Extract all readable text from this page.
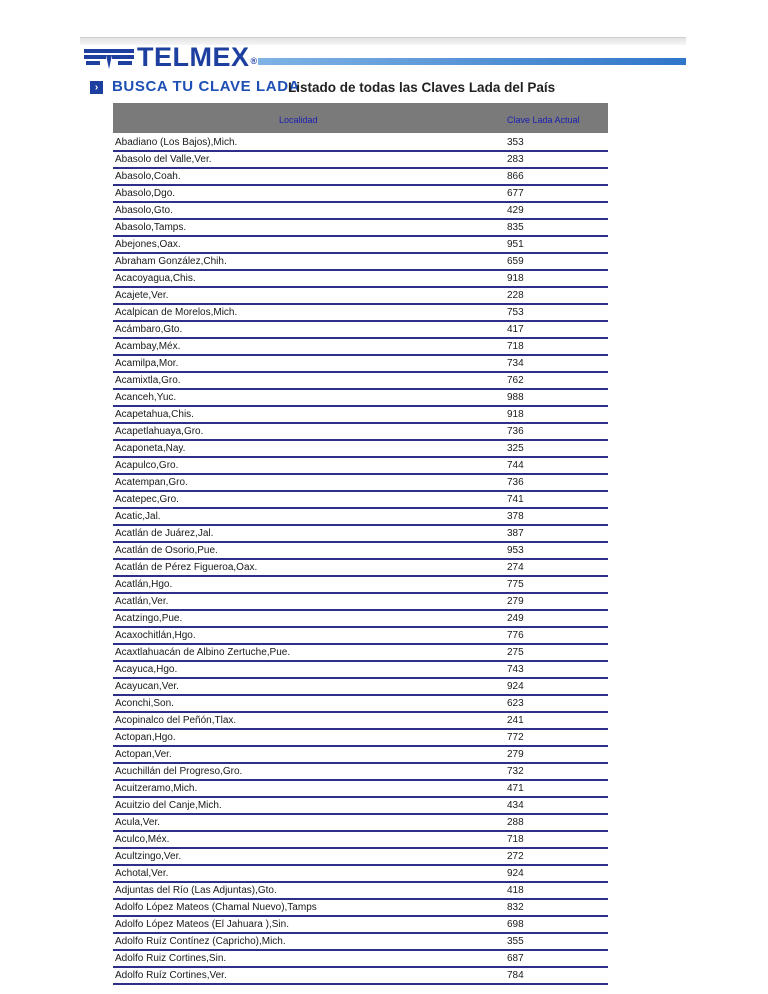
TELMEX®
› BUSCA TU CLAVE LADA
Listado de todas las Claves Lada del País
Localidad	Clave Lada Actual
Abadiano (Los Bajos),Mich.	353
Abasolo del Valle,Ver.	283
Abasolo,Coah.	866
Abasolo,Dgo.	677
Abasolo,Gto.	429
Abasolo,Tamps.	835
Abejones,Oax.	951
Abraham González,Chih.	659
Acacoyagua,Chis.	918
Acajete,Ver.	228
Acalpican de Morelos,Mich.	753
Acámbaro,Gto.	417
Acambay,Méx.	718
Acamilpa,Mor.	734
Acamixtla,Gro.	762
Acanceh,Yuc.	988
Acapetahua,Chis.	918
Acapetlahuaya,Gro.	736
Acaponeta,Nay.	325
Acapulco,Gro.	744
Acatempan,Gro.	736
Acatepec,Gro.	741
Acatic,Jal.	378
Acatlán de Juárez,Jal.	387
Acatlán de Osorio,Pue.	953
Acatlán de Pérez Figueroa,Oax.	274
Acatlán,Hgo.	775
Acatlán,Ver.	279
Acatzingo,Pue.	249
Acaxochitlán,Hgo.	776
Acaxtlahuacán de Albino Zertuche,Pue.	275
Acayuca,Hgo.	743
Acayucan,Ver.	924
Aconchi,Son.	623
Acopinalco del Peñón,Tlax.	241
Actopan,Hgo.	772
Actopan,Ver.	279
Acuchillán del Progreso,Gro.	732
Acuitzeramo,Mich.	471
Acuitzio del Canje,Mich.	434
Acula,Ver.	288
Aculco,Méx.	718
Acultzingo,Ver.	272
Achotal,Ver.	924
Adjuntas del Río (Las Adjuntas),Gto.	418
Adolfo López Mateos (Chamal Nuevo),Tamps	832
Adolfo López Mateos (El Jahuara ),Sin.	698
Adolfo Ruíz Contínez (Capricho),Mich.	355
Adolfo Ruiz Cortines,Sin.	687
Adolfo Ruíz Cortines,Ver.	784
